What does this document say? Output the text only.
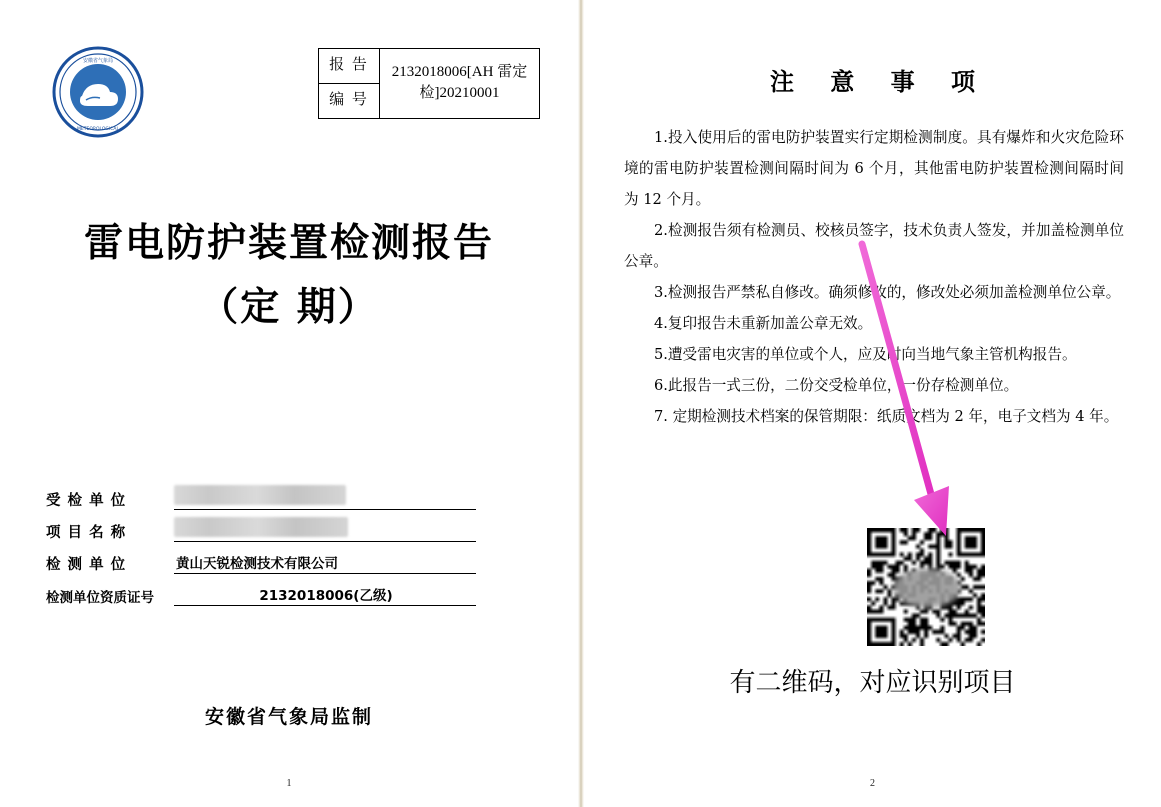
安徽省气象局
METEOROLOGICAL
报 告	2132018006[AH 雷定检]20210001
编 号
雷电防护装置检测报告
（定 期）
受 检 单 位
项 目 名 称
检 测 单 位	黄山天锐检测技术有限公司
检测单位资质证号	2132018006(乙级)
安徽省气象局监制
1
注 意 事 项

1.投入使用后的雷电防护装置实行定期检测制度。具有爆炸和火灾危险环境的雷电防护装置检测间隔时间为 6 个月，其他雷电防护装置检测间隔时间为 12 个月。

2.检测报告须有检测员、校核员签字，技术负责人签发，并加盖检测单位公章。

3.检测报告严禁私自修改。确须修改的，修改处必须加盖检测单位公章。

4.复印报告未重新加盖公章无效。

5.遭受雷电灾害的单位或个人，应及时向当地气象主管机构报告。

6.此报告一式三份，二份交受检单位，一份存检测单位。

7. 定期检测技术档案的保管期限：纸质文档为 2 年，电子文档为 4 年。

有二维码，对应识别项目
2
